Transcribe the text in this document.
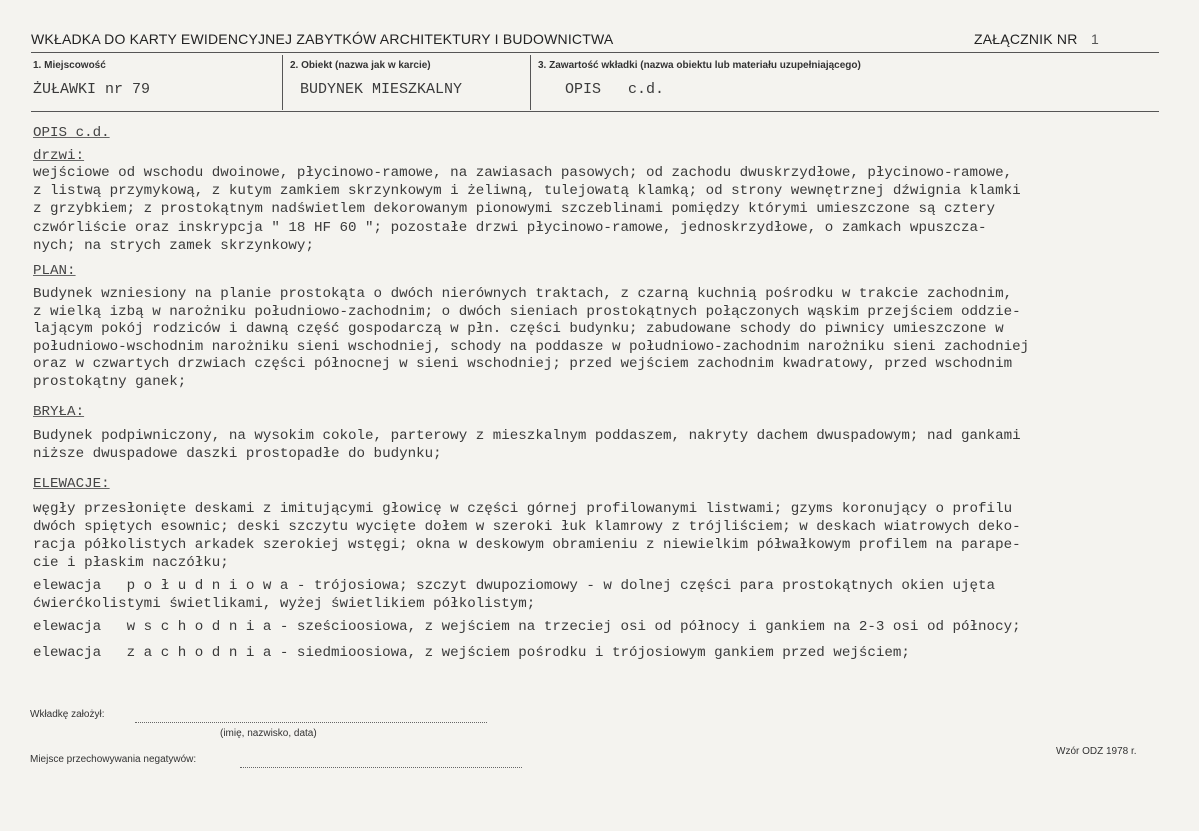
WKŁADKA DO KARTY EWIDENCYJNEJ ZABYTKÓW ARCHITEKTURY I BUDOWNICTWA	ZAŁĄCZNIK NR 1
1. Miejscowość	2. Obiekt (nazwa jak w karcie)	3. Zawartość wkładki (nazwa obiektu lub materiału uzupełniającego)
ŻUŁAWKI nr 79	BUDYNEK MIESZKALNY	OPIS   c.d.
OPIS c.d.
drzwi:
wejściowe od wschodu dwoinowe, płycinowo-ramowe, na zawiasach pasowych; od zachodu dwuskrzydłowe, płycinowo-ramowe,
z listwą przymykową, z kutym zamkiem skrzynkowym i żeliwną, tulejowatą klamką; od strony wewnętrznej dźwignia klamki
z grzybkiem; z prostokątnym nadświetlem dekorowanym pionowymi szczeblinami pomiędzy którymi umieszczone są cztery
czwórliście oraz inskrypcja " 18 HF 60 "; pozostałe drzwi płycinowo-ramowe, jednoskrzydłowe, o zamkach wpuszcza-
nych; na strych zamek skrzynkowy;
PLAN:
Budynek wzniesiony na planie prostokąta o dwóch nierównych traktach, z czarną kuchnią pośrodku w trakcie zachodnim,
z wielką izbą w narożniku południowo-zachodnim; o dwóch sieniach prostokątnych połączonych wąskim przejściem oddzie-
lającym pokój rodziców i dawną część gospodarczą w płn. części budynku; zabudowane schody do piwnicy umieszczone w
południowo-wschodnim narożniku sieni wschodniej, schody na poddasze w południowo-zachodnim narożniku sieni zachodniej
oraz w czwartych drzwiach części północnej w sieni wschodniej; przed wejściem zachodnim kwadratowy, przed wschodnim
prostokątny ganek;
BRYŁA:
Budynek podpiwniczony, na wysokim cokole, parterowy z mieszkalnym poddaszem, nakryty dachem dwuspadowym; nad gankami
niższe dwuspadowe daszki prostopadłe do budynku;
ELEWACJE:
węgły przesłonięte deskami z imitującymi głowicę w części górnej profilowanymi listwami; gzyms koronujący o profilu
dwóch spiętych esownic; deski szczytu wycięte dołem w szeroki łuk klamrowy z trójliściem; w deskach wiatrowych deko-
racja półkolistych arkadek szerokiej wstęgi; okna w deskowym obramieniu z niewielkim półwałkowym profilem na parape-
cie i płaskim naczółku;
elewacja   p o ł u d n i o w a - trójosiowa; szczyt dwupoziomowy - w dolnej części para prostokątnych okien ujęta
ćwierćkolistymi świetlikami, wyżej świetlikiem półkolistym;
elewacja   w s c h o d n i a - sześcioosiowa, z wejściem na trzeciej osi od północy i gankiem na 2-3 osi od północy;
elewacja   z a c h o d n i a - siedmioosiowa, z wejściem pośrodku i trójosiowym gankiem przed wejściem;
Wkładkę założył:
(imię, nazwisko, data)
Miejsce przechowywania negatywów:
Wzór ODZ 1978 r.
